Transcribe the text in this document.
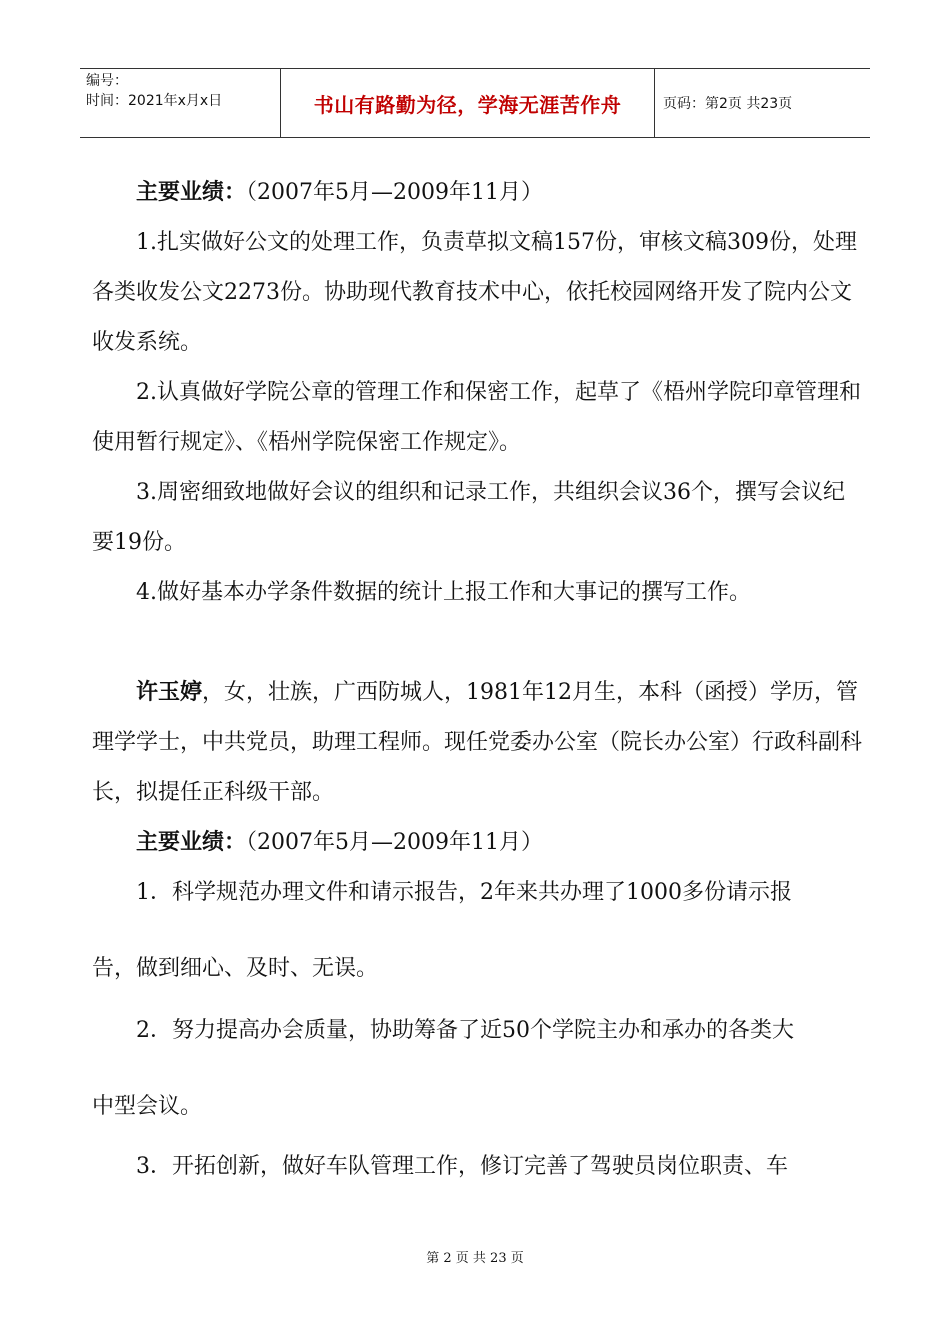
编号：
时间：2021年x月x日	书山有路勤为径，学海无涯苦作舟	页码：第2页 共23页

主要业绩：（2007年5月—2009年11月）

1.扎实做好公文的处理工作，负责草拟文稿157份，审核文稿309份，处理各类收发公文2273份。协助现代教育技术中心，依托校园网络开发了院内公文收发系统。

2.认真做好学院公章的管理工作和保密工作，起草了《梧州学院印章管理和使用暂行规定》、《梧州学院保密工作规定》。

3.周密细致地做好会议的组织和记录工作，共组织会议36个，撰写会议纪要19份。

4.做好基本办学条件数据的统计上报工作和大事记的撰写工作。

许玉婷，女，壮族，广西防城人，1981年12月生，本科（函授）学历，管理学学士，中共党员，助理工程师。现任党委办公室（院长办公室）行政科副科长，拟提任正科级干部。

主要业绩：（2007年5月—2009年11月）

1．科学规范办理文件和请示报告，2年来共办理了1000多份请示报

告，做到细心、及时、无误。

2．努力提高办会质量，协助筹备了近50个学院主办和承办的各类大

中型会议。

3．开拓创新，做好车队管理工作，修订完善了驾驶员岗位职责、车

第 2 页 共 23 页
